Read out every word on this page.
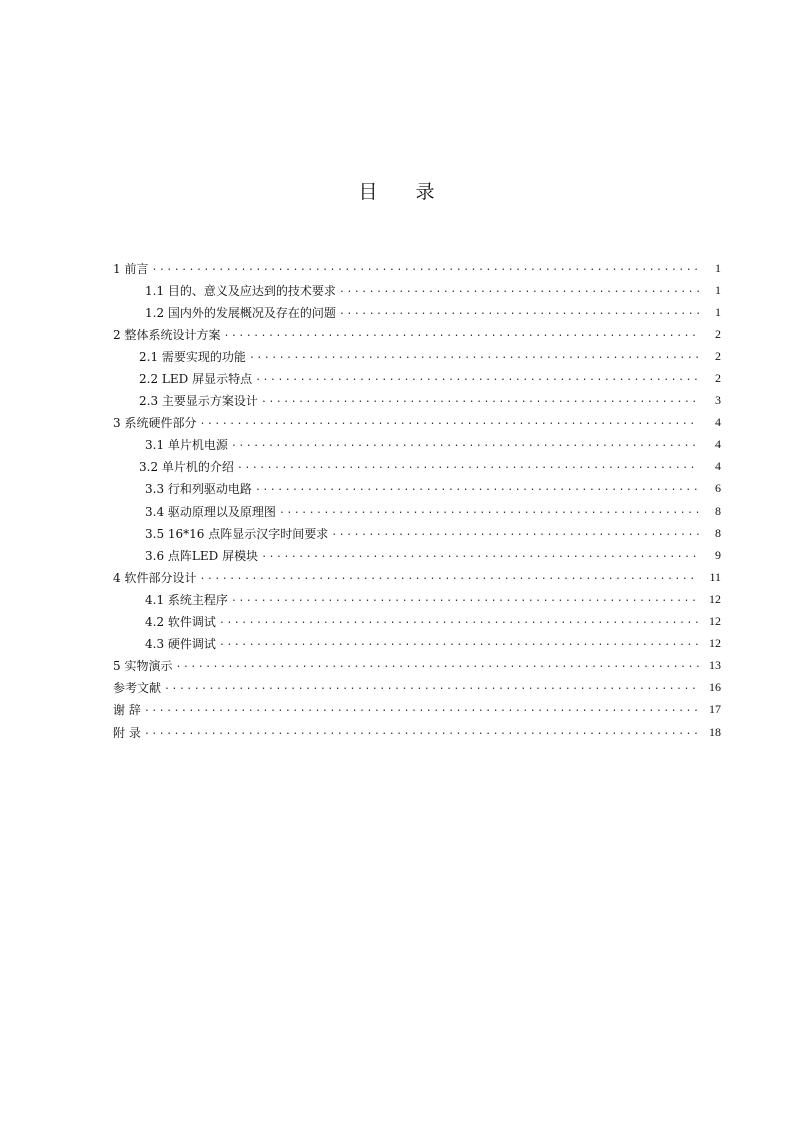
目 录
1 前言 .....	1
1.1 目的、意义及应达到的技术要求 .....	1
1.2 国内外的发展概况及存在的问题 .....	1
2 整体系统设计方案 .....	2
2.1 需要实现的功能 .....	2
2.2 LED 屏显示特点 .....	2
2.3 主要显示方案设计 .....	3
3 系统硬件部分 .....	4
3.1 单片机电源 .....	4
3.2 单片机的介绍 .....	4
3.3 行和列驱动电路 .....	6
3.4 驱动原理以及原理图 .....	8
3.5 16*16 点阵显示汉字时间要求 .....	8
3.6 点阵LED 屏模块 .....	9
4 软件部分设计 .....	11
4.1 系统主程序 .....	12
4.2 软件调试 .....	12
4.3 硬件调试 .....	12
5 实物演示 .....	13
参考文献 .....	16
谢 辞 .....	17
附 录 .....	18
